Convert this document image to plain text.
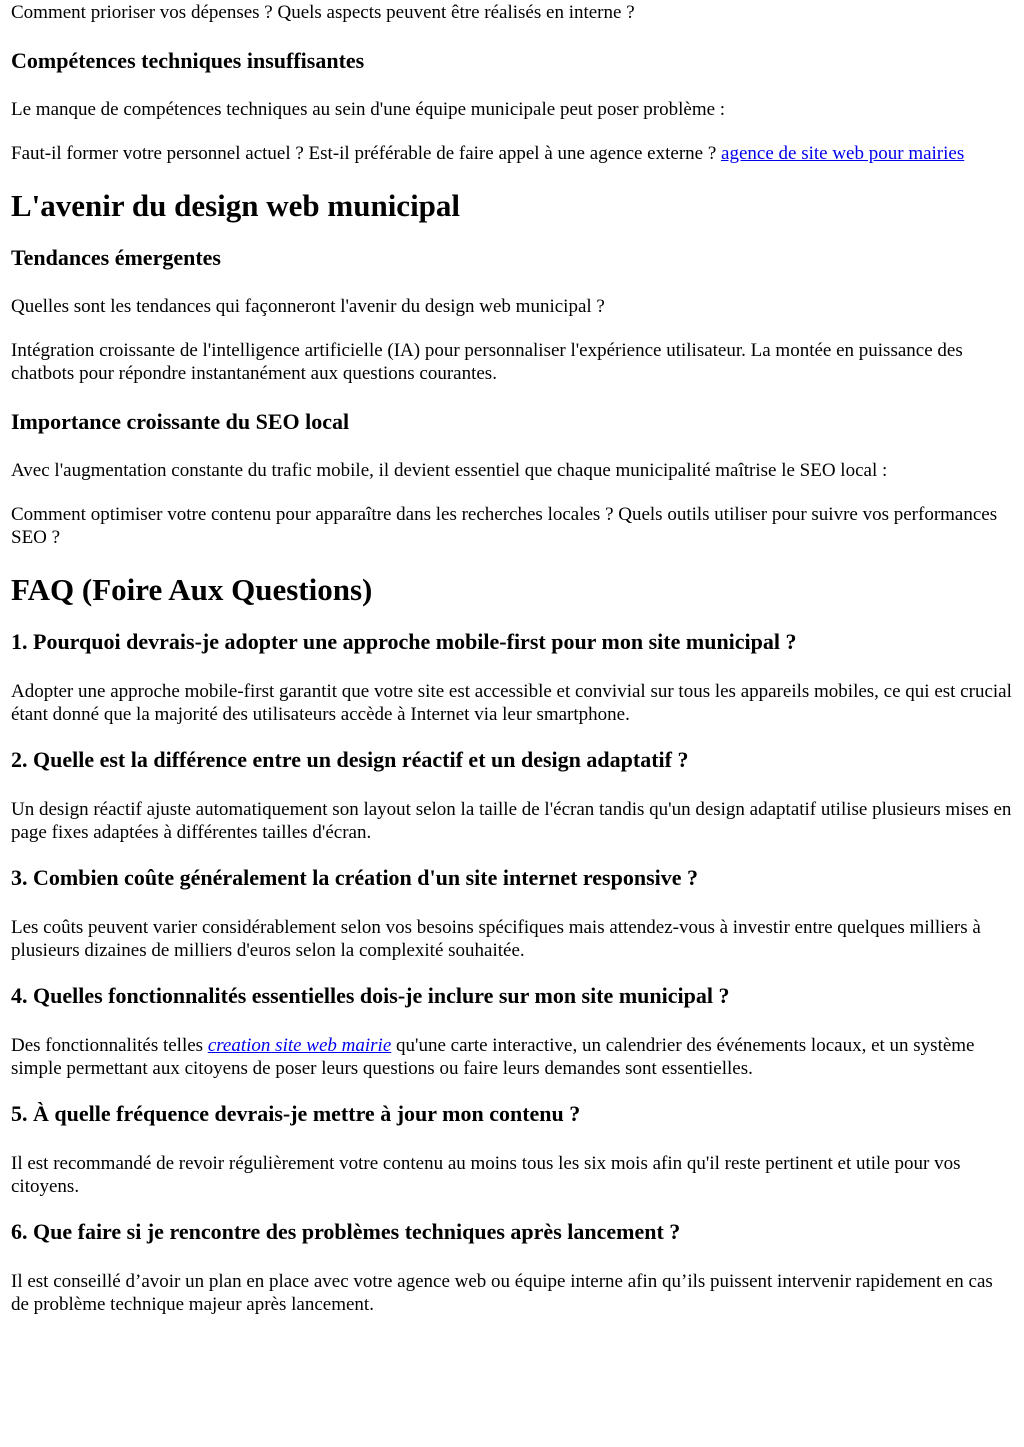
Comment prioriser vos dépenses ? Quels aspects peuvent être réalisés en interne ?

Compétences techniques insuffisantes

Le manque de compétences techniques au sein d'une équipe municipale peut poser problème :

Faut-il former votre personnel actuel ? Est-il préférable de faire appel à une agence externe ? agence de site web pour mairies

L'avenir du design web municipal
Tendances émergentes

Quelles sont les tendances qui façonneront l'avenir du design web municipal ?

Intégration croissante de l'intelligence artificielle (IA) pour personnaliser l'expérience utilisateur. La montée en puissance des chatbots pour répondre instantanément aux questions courantes.

Importance croissante du SEO local

Avec l'augmentation constante du trafic mobile, il devient essentiel que chaque municipalité maîtrise le SEO local :

Comment optimiser votre contenu pour apparaître dans les recherches locales ? Quels outils utiliser pour suivre vos performances SEO ?

FAQ (Foire Aux Questions)
1. Pourquoi devrais-je adopter une approche mobile-first pour mon site municipal ?

Adopter une approche mobile-first garantit que votre site est accessible et convivial sur tous les appareils mobiles, ce qui est crucial étant donné que la majorité des utilisateurs accède à Internet via leur smartphone.

2. Quelle est la différence entre un design réactif et un design adaptatif ?

Un design réactif ajuste automatiquement son layout selon la taille de l'écran tandis qu'un design adaptatif utilise plusieurs mises en page fixes adaptées à différentes tailles d'écran.

3. Combien coûte généralement la création d'un site internet responsive ?

Les coûts peuvent varier considérablement selon vos besoins spécifiques mais attendez-vous à investir entre quelques milliers à plusieurs dizaines de milliers d'euros selon la complexité souhaitée.

4. Quelles fonctionnalités essentielles dois-je inclure sur mon site municipal ?

Des fonctionnalités telles creation site web mairie qu'une carte interactive, un calendrier des événements locaux, et un système simple permettant aux citoyens de poser leurs questions ou faire leurs demandes sont essentielles.

5. À quelle fréquence devrais-je mettre à jour mon contenu ?

Il est recommandé de revoir régulièrement votre contenu au moins tous les six mois afin qu'il reste pertinent et utile pour vos citoyens.

6. Que faire si je rencontre des problèmes techniques après lancement ?

Il est conseillé d’avoir un plan en place avec votre agence web ou équipe interne afin qu’ils puissent intervenir rapidement en cas de problème technique majeur après lancement.
